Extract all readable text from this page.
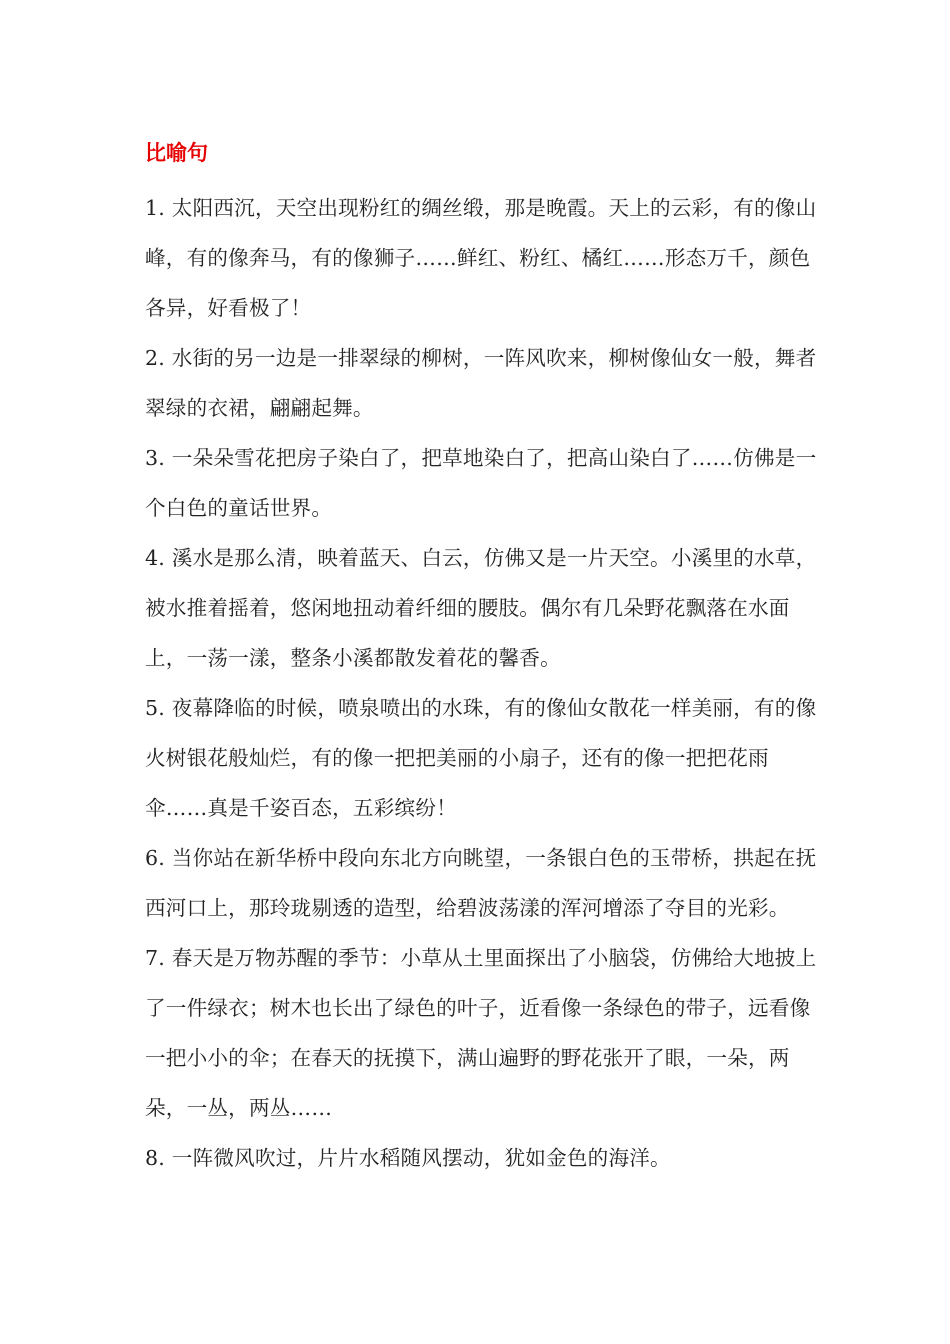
比喻句

1. 太阳西沉，天空出现粉红的绸丝缎，那是晚霞。天上的云彩，有的像山峰，有的像奔马，有的像狮子……鲜红、粉红、橘红……形态万千，颜色各异，好看极了！

2. 水街的另一边是一排翠绿的柳树，一阵风吹来，柳树像仙女一般，舞者翠绿的衣裙，翩翩起舞。

3. 一朵朵雪花把房子染白了，把草地染白了，把高山染白了……仿佛是一个白色的童话世界。

4. 溪水是那么清，映着蓝天、白云，仿佛又是一片天空。小溪里的水草，被水推着摇着，悠闲地扭动着纤细的腰肢。偶尔有几朵野花飘落在水面上，一荡一漾，整条小溪都散发着花的馨香。

5. 夜幕降临的时候，喷泉喷出的水珠，有的像仙女散花一样美丽，有的像火树银花般灿烂，有的像一把把美丽的小扇子，还有的像一把把花雨伞……真是千姿百态，五彩缤纷！

6. 当你站在新华桥中段向东北方向眺望，一条银白色的玉带桥，拱起在抚西河口上，那玲珑剔透的造型，给碧波荡漾的浑河增添了夺目的光彩。

7. 春天是万物苏醒的季节：小草从土里面探出了小脑袋，仿佛给大地披上了一件绿衣；树木也长出了绿色的叶子，近看像一条绿色的带子，远看像一把小小的伞；在春天的抚摸下，满山遍野的野花张开了眼，一朵，两朵，一丛，两丛……

8. 一阵微风吹过，片片水稻随风摆动，犹如金色的海洋。
